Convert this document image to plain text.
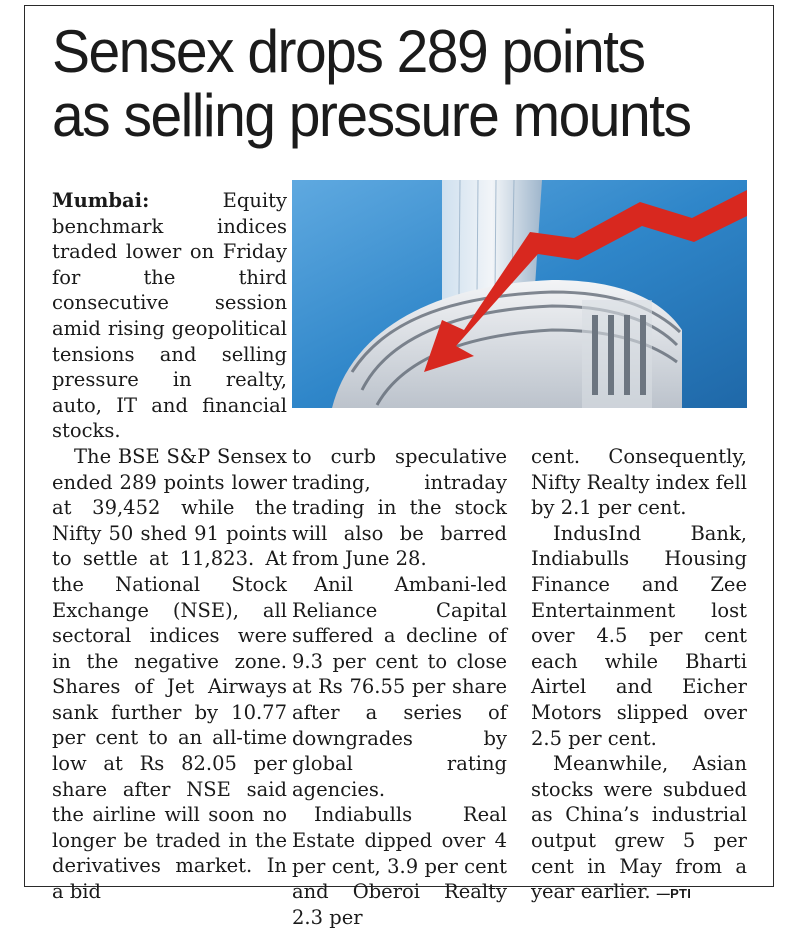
Sensex drops 289 points
as selling pressure mounts

Mumbai: Equity benchmark indices traded lower on Friday for the third consecutive session amid rising geopolitical tensions and selling pressure in realty, auto, IT and financial stocks.

The BSE S&P Sensex ended 289 points lower at 39,452 while the Nifty 50 shed 91 points to settle at 11,823. At the National Stock Exchange (NSE), all sectoral indices were in the negative zone. Shares of Jet Airways sank further by 10.77 per cent to an all-time low at Rs 82.05 per share after NSE said the airline will soon no longer be traded in the derivatives market. In a bid

to curb speculative trading, intraday trading in the stock will also be barred from June 28.

Anil Ambani-led Reliance Capital suffered a decline of 9.3 per cent to close at Rs 76.55 per share after a series of downgrades by global rating agencies.

Indiabulls Real Estate dipped over 4 per cent, 3.9 per cent and Oberoi Realty 2.3 per

cent. Consequently, Nifty Realty index fell by 2.1 per cent.

IndusInd Bank, Indiabulls Housing Finance and Zee Entertainment lost over 4.5 per cent each while Bharti Airtel and Eicher Motors slipped over 2.5 per cent.

Meanwhile, Asian stocks were subdued as China’s industrial output grew 5 per cent in May from a year earlier. —PTI
